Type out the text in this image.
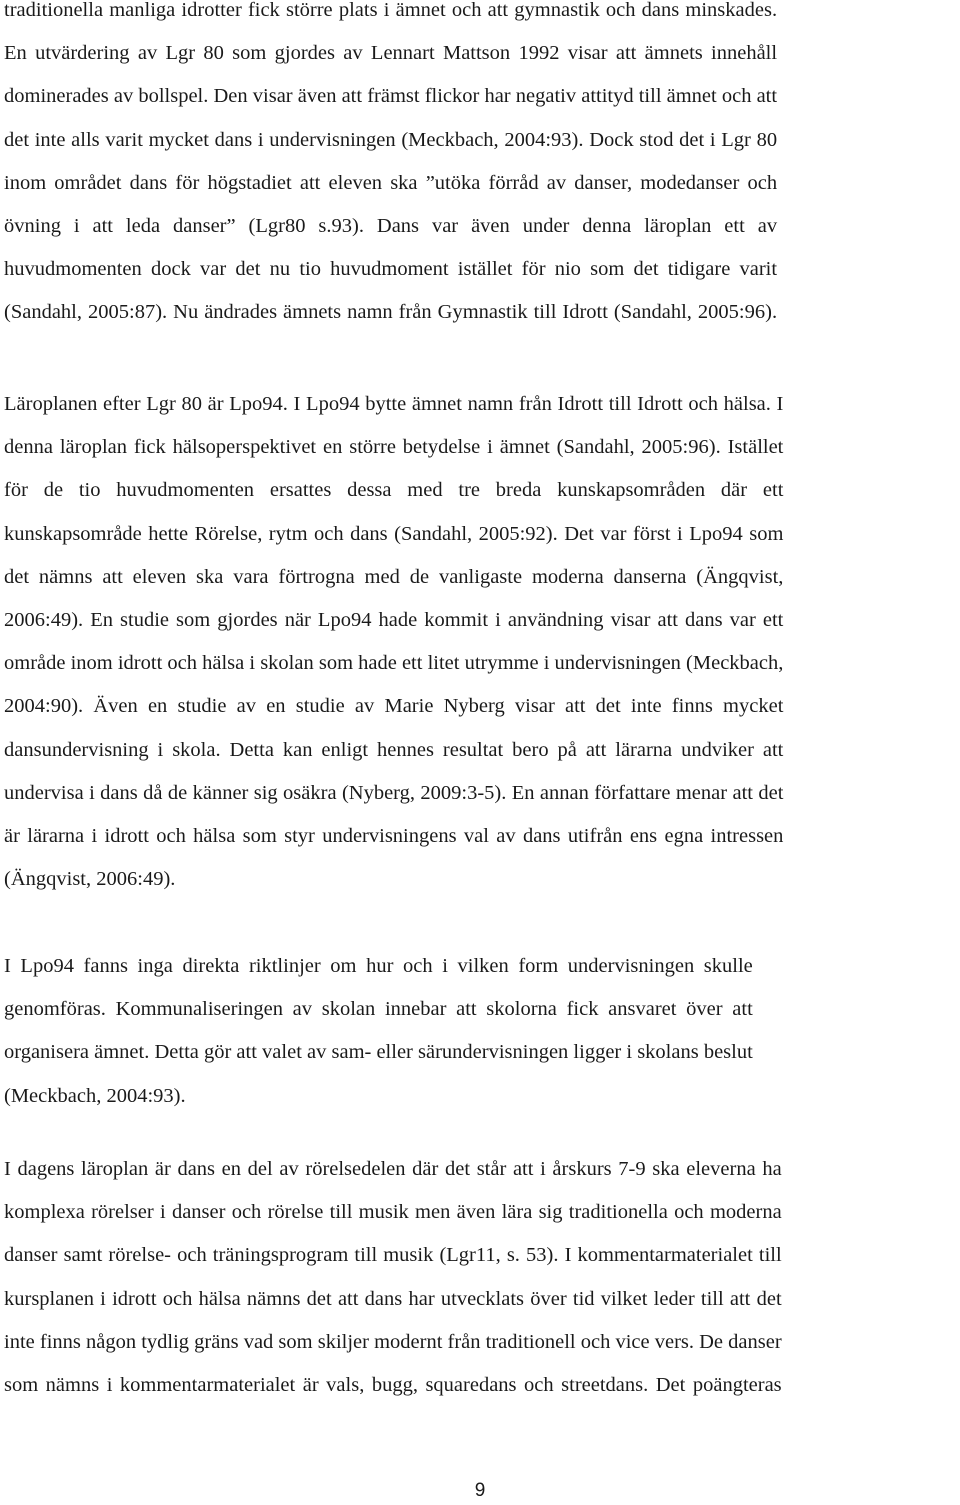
traditionella manliga idrotter fick större plats i ämnet och att gymnastik och dans minskades.
En utvärdering av Lgr 80 som gjordes av Lennart Mattson 1992 visar att ämnets innehåll
dominerades av bollspel. Den visar även att främst flickor har negativ attityd till ämnet och att
det inte alls varit mycket dans i undervisningen (Meckbach, 2004:93). Dock stod det i Lgr 80
inom området dans för högstadiet att eleven ska ”utöka förråd av danser, modedanser och
övning i att leda danser” (Lgr80 s.93). Dans var även under denna läroplan ett av
huvudmomenten dock var det nu tio huvudmoment istället för nio som det tidigare varit
(Sandahl, 2005:87). Nu ändrades ämnets namn från Gymnastik till Idrott (Sandahl, 2005:96).
Läroplanen efter Lgr 80 är Lpo94. I Lpo94 bytte ämnet namn från Idrott till Idrott och hälsa. I
denna läroplan fick hälsoperspektivet en större betydelse i ämnet (Sandahl, 2005:96). Istället
för de tio huvudmomenten ersattes dessa med tre breda kunskapsområden där ett
kunskapsområde hette Rörelse, rytm och dans (Sandahl, 2005:92). Det var först i Lpo94 som
det nämns att eleven ska vara förtrogna med de vanligaste moderna danserna (Ängqvist,
2006:49). En studie som gjordes när Lpo94 hade kommit i användning visar att dans var ett
område inom idrott och hälsa i skolan som hade ett litet utrymme i undervisningen (Meckbach,
2004:90). Även en studie av en studie av Marie Nyberg visar att det inte finns mycket
dansundervisning i skola. Detta kan enligt hennes resultat bero på att lärarna undviker att
undervisa i dans då de känner sig osäkra (Nyberg, 2009:3-5). En annan författare menar att det
är lärarna i idrott och hälsa som styr undervisningens val av dans utifrån ens egna intressen
(Ängqvist, 2006:49).
I Lpo94 fanns inga direkta riktlinjer om hur och i vilken form undervisningen skulle
genomföras. Kommunaliseringen av skolan innebar att skolorna fick ansvaret över att
organisera ämnet. Detta gör att valet av sam- eller särundervisningen ligger i skolans beslut
(Meckbach, 2004:93).
I dagens läroplan är dans en del av rörelsedelen där det står att i årskurs 7-9 ska eleverna ha
komplexa rörelser i danser och rörelse till musik men även lära sig traditionella och moderna
danser samt rörelse- och träningsprogram till musik (Lgr11, s. 53). I kommentarmaterialet till
kursplanen i idrott och hälsa nämns det att dans har utvecklats över tid vilket leder till att det
inte finns någon tydlig gräns vad som skiljer modernt från traditionell och vice vers. De danser
som nämns i kommentarmaterialet är vals, bugg, squaredans och streetdans. Det poängteras
9
